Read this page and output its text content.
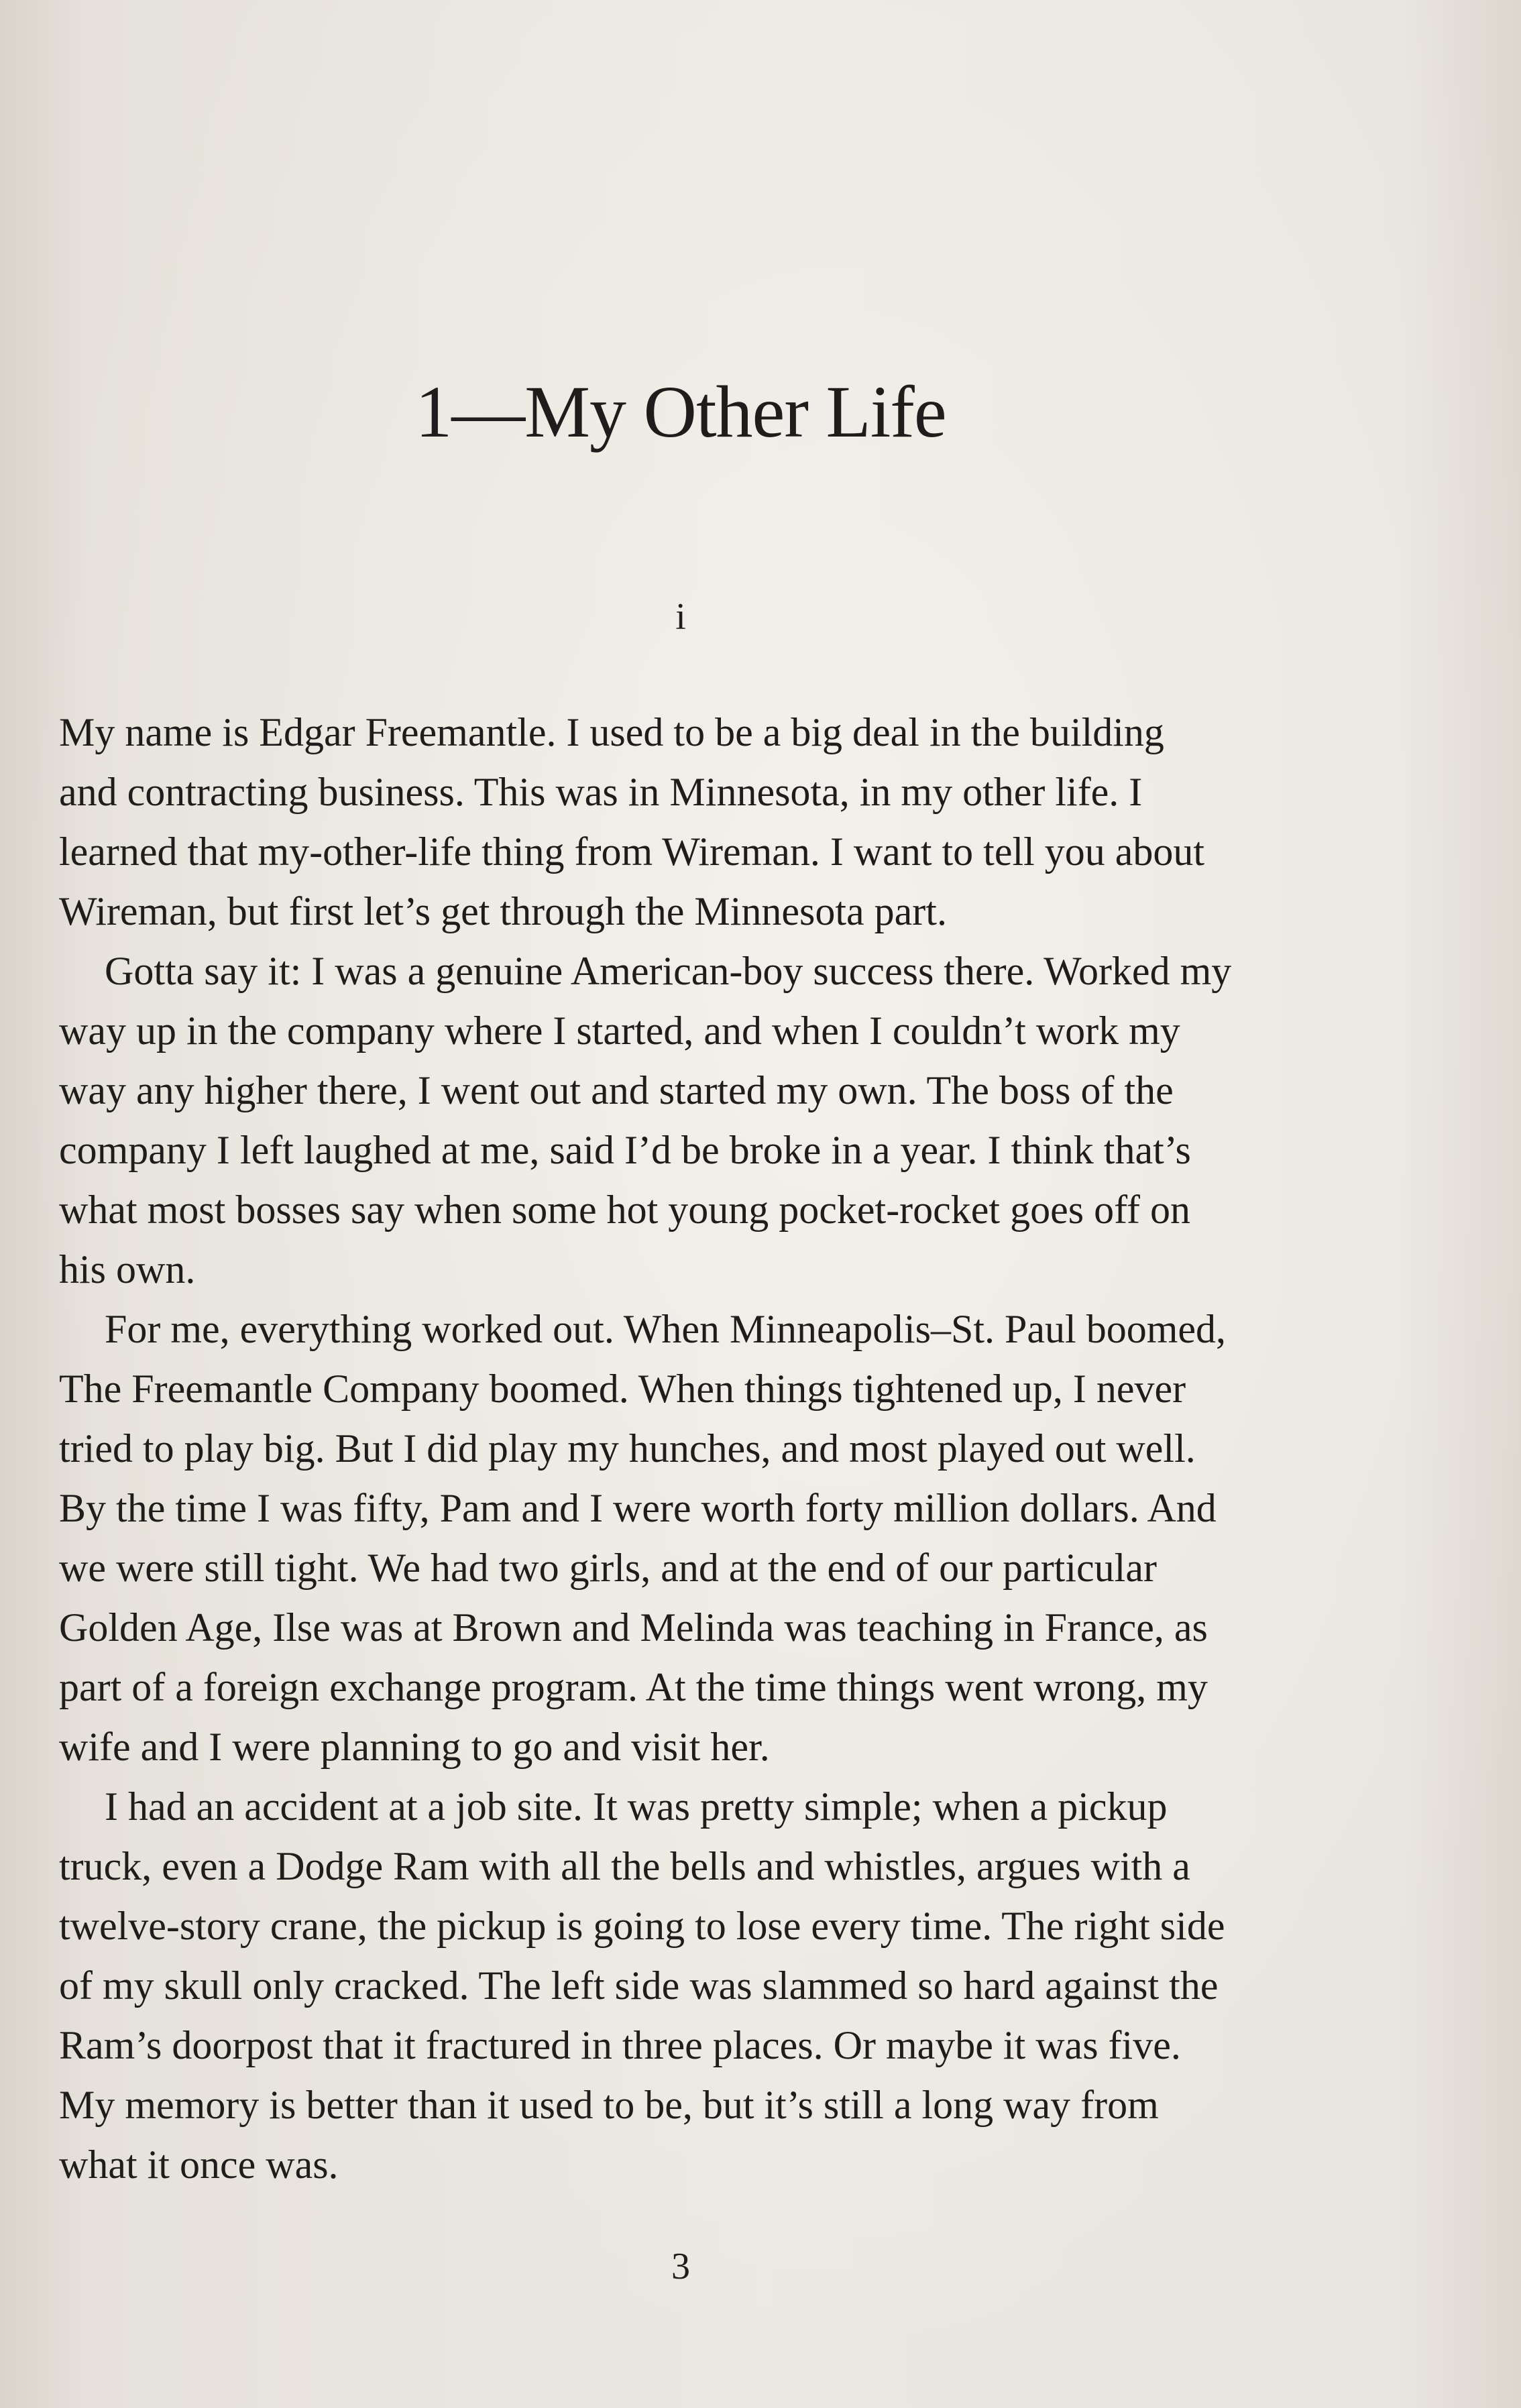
1—My Other Life
i
My name is Edgar Freemantle. I used to be a big deal in the building
and contracting business. This was in Minnesota, in my other life. I
learned that my-other-life thing from Wireman. I want to tell you about
Wireman, but first let’s get through the Minnesota part.
Gotta say it: I was a genuine American-boy success there. Worked my
way up in the company where I started, and when I couldn’t work my
way any higher there, I went out and started my own. The boss of the
company I left laughed at me, said I’d be broke in a year. I think that’s
what most bosses say when some hot young pocket-rocket goes off on
his own.
For me, everything worked out. When Minneapolis–St. Paul boomed,
The Freemantle Company boomed. When things tightened up, I never
tried to play big. But I did play my hunches, and most played out well.
By the time I was fifty, Pam and I were worth forty million dollars. And
we were still tight. We had two girls, and at the end of our particular
Golden Age, Ilse was at Brown and Melinda was teaching in France, as
part of a foreign exchange program. At the time things went wrong, my
wife and I were planning to go and visit her.
I had an accident at a job site. It was pretty simple; when a pickup
truck, even a Dodge Ram with all the bells and whistles, argues with a
twelve-story crane, the pickup is going to lose every time. The right side
of my skull only cracked. The left side was slammed so hard against the
Ram’s doorpost that it fractured in three places. Or maybe it was five.
My memory is better than it used to be, but it’s still a long way from
what it once was.
3
